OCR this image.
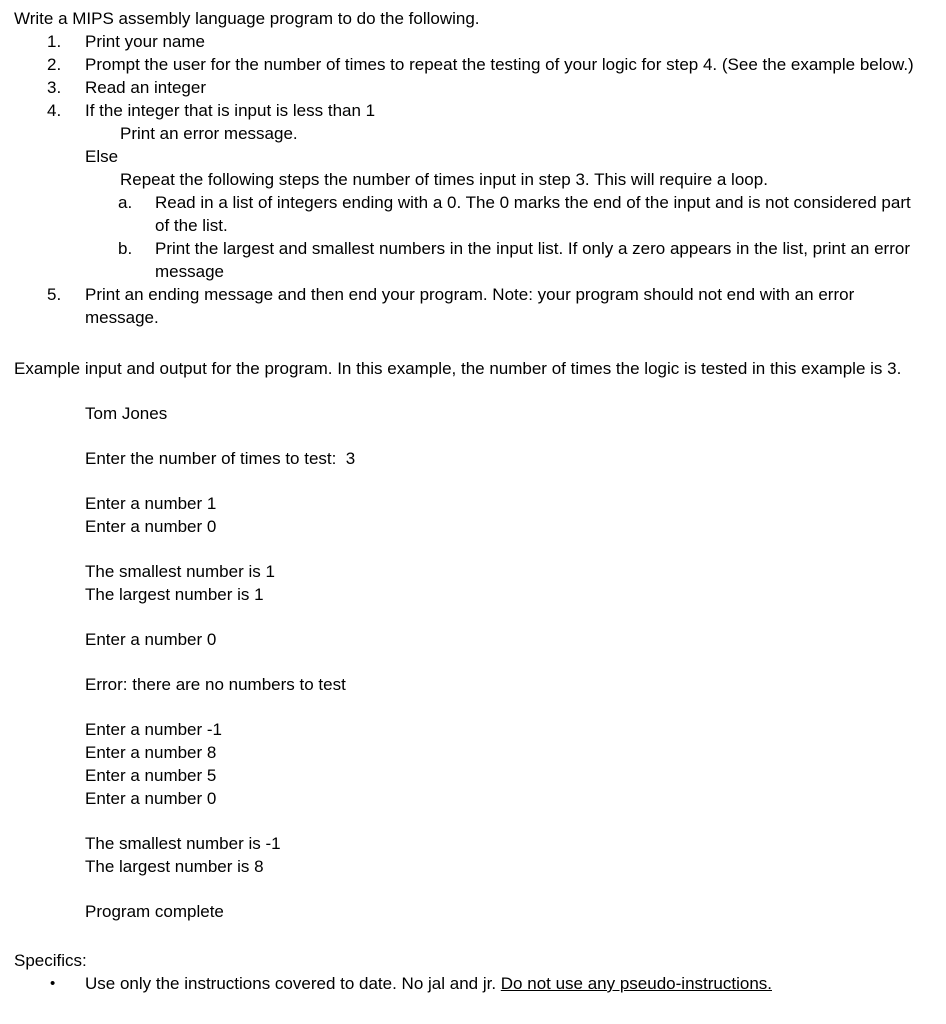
Write a MIPS assembly language program to do the following.

1.	Print your name
2.	Prompt the user for the number of times to repeat the testing of your logic for step 4. (See the example below.)
3.	Read an integer
4.	If the integer that is input is less than 1
Print an error message.
Else
Repeat the following steps the number of times input in step 3. This will require a loop.
a.	Read in a list of integers ending with a 0. The 0 marks the end of the input and is not considered part of the list.
b.	Print the largest and smallest numbers in the input list. If only a zero appears in the list, print an error message
5.	Print an ending message and then end your program. Note: your program should not end with an error message.

Example input and output for the program. In this example, the number of times the logic is tested in this example is 3.

Tom Jones
Enter the number of times to test:  3
Enter a number 1
Enter a number 0
The smallest number is 1
The largest number is 1
Enter a number 0
Error: there are no numbers to test
Enter a number -1
Enter a number 8
Enter a number 5
Enter a number 0
The smallest number is -1
The largest number is 8
Program complete

Specifics:

• Use only the instructions covered to date. No jal and jr. Do not use any pseudo-instructions.
